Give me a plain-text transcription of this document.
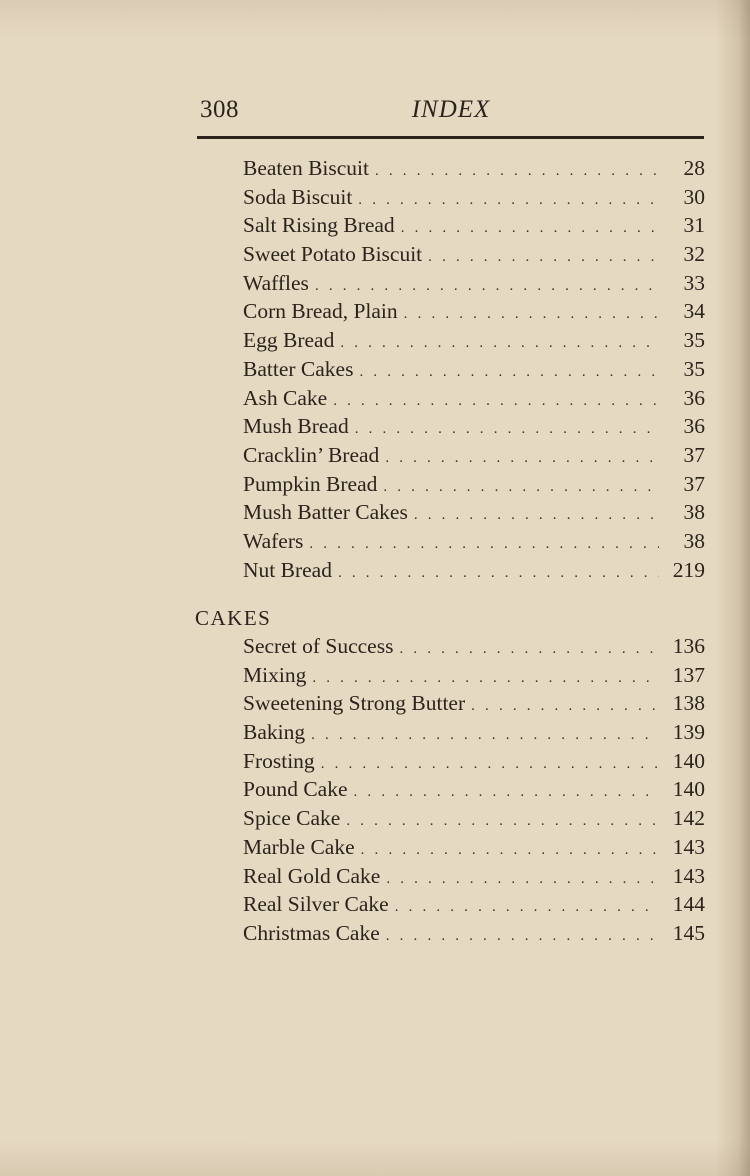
308	INDEX
Beaten Biscuit . . .	28
Soda Biscuit . . .	30
Salt Rising Bread . . .	31
Sweet Potato Biscuit . . .	32
Waffles . . .	33
Corn Bread, Plain . . .	34
Egg Bread . . .	35
Batter Cakes . . .	35
Ash Cake . . .	36
Mush Bread . . .	36
Cracklin’ Bread . . .	37
Pumpkin Bread . . .	37
Mush Batter Cakes . . .	38
Wafers . . .	38
Nut Bread . . .	219
CAKES
Secret of Success . . .	136
Mixing . . .	137
Sweetening Strong Butter . . .	138
Baking . . .	139
Frosting . . .	140
Pound Cake . . .	140
Spice Cake . . .	142
Marble Cake . . .	143
Real Gold Cake . . .	143
Real Silver Cake . . .	144
Christmas Cake . . .	145
